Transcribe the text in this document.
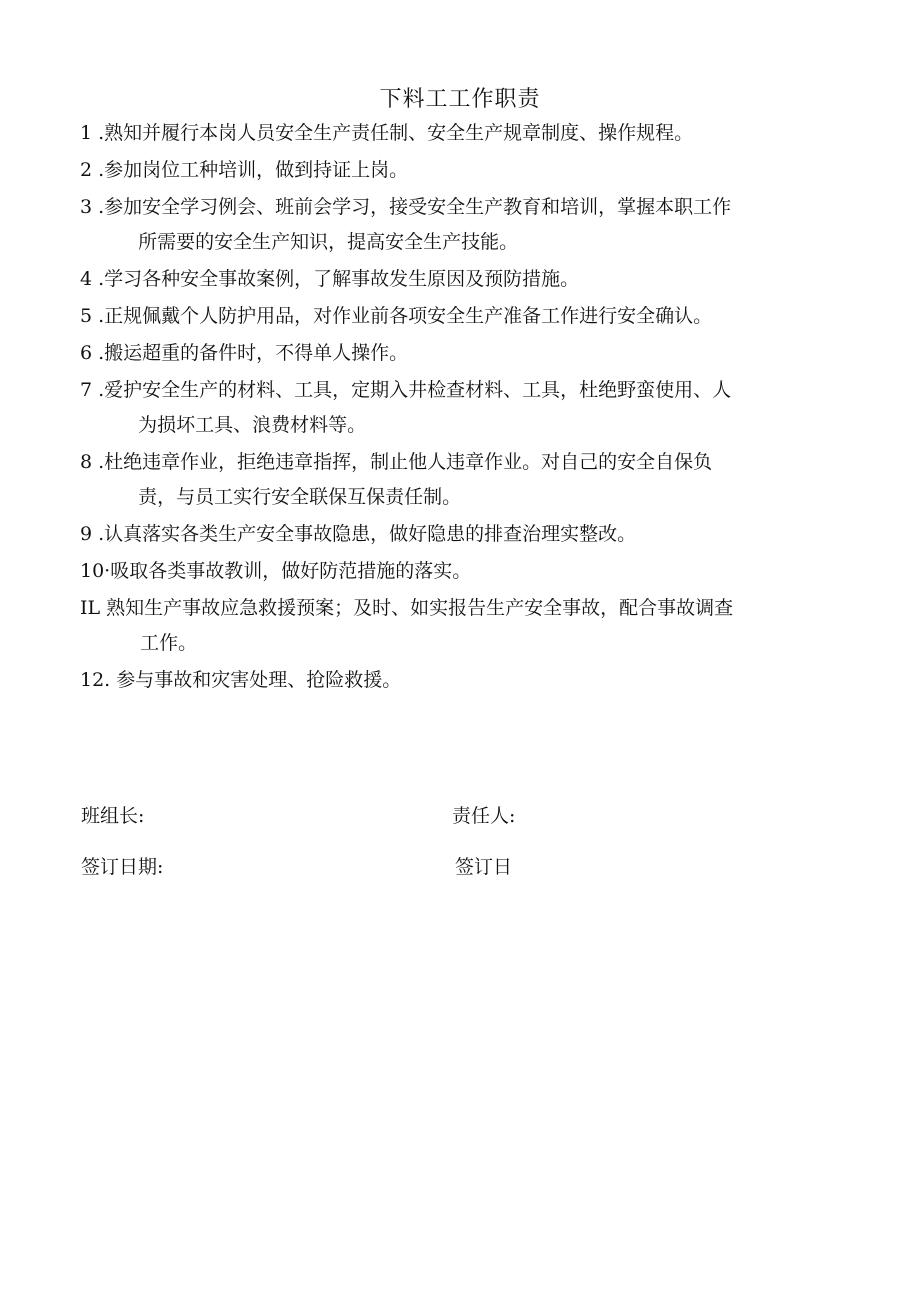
下料工工作职责
1 . 熟知并履行本岗人员安全生产责任制、安全生产规章制度、操作规程。
2 . 参加岗位工种培训，做到持证上岗。
3 . 参加安全学习例会、班前会学习，接受安全生产教育和培训，掌握本职工作
所需要的安全生产知识，提高安全生产技能。
4 . 学习各种安全事故案例，了解事故发生原因及预防措施。
5 . 正规佩戴个人防护用品，对作业前各项安全生产准备工作进行安全确认。
6 . 搬运超重的备件时，不得单人操作。
7 . 爱护安全生产的材料、工具，定期入井检查材料、工具，杜绝野蛮使用、人
为损坏工具、浪费材料等。
8 . 杜绝违章作业，拒绝违章指挥，制止他人违章作业。对自己的安全自保负
责，与员工实行安全联保互保责任制。
9 . 认真落实各类生产安全事故隐患，做好隐患的排查治理实整改。
10· 吸取各类事故教训，做好防范措施的落实。
IL 熟知生产事故应急救援预案；及时、如实报告生产安全事故，配合事故调查
工作。
12. 参与事故和灾害处理、抢险救援。
班组长:	责任人:
签订日期:	签订日
